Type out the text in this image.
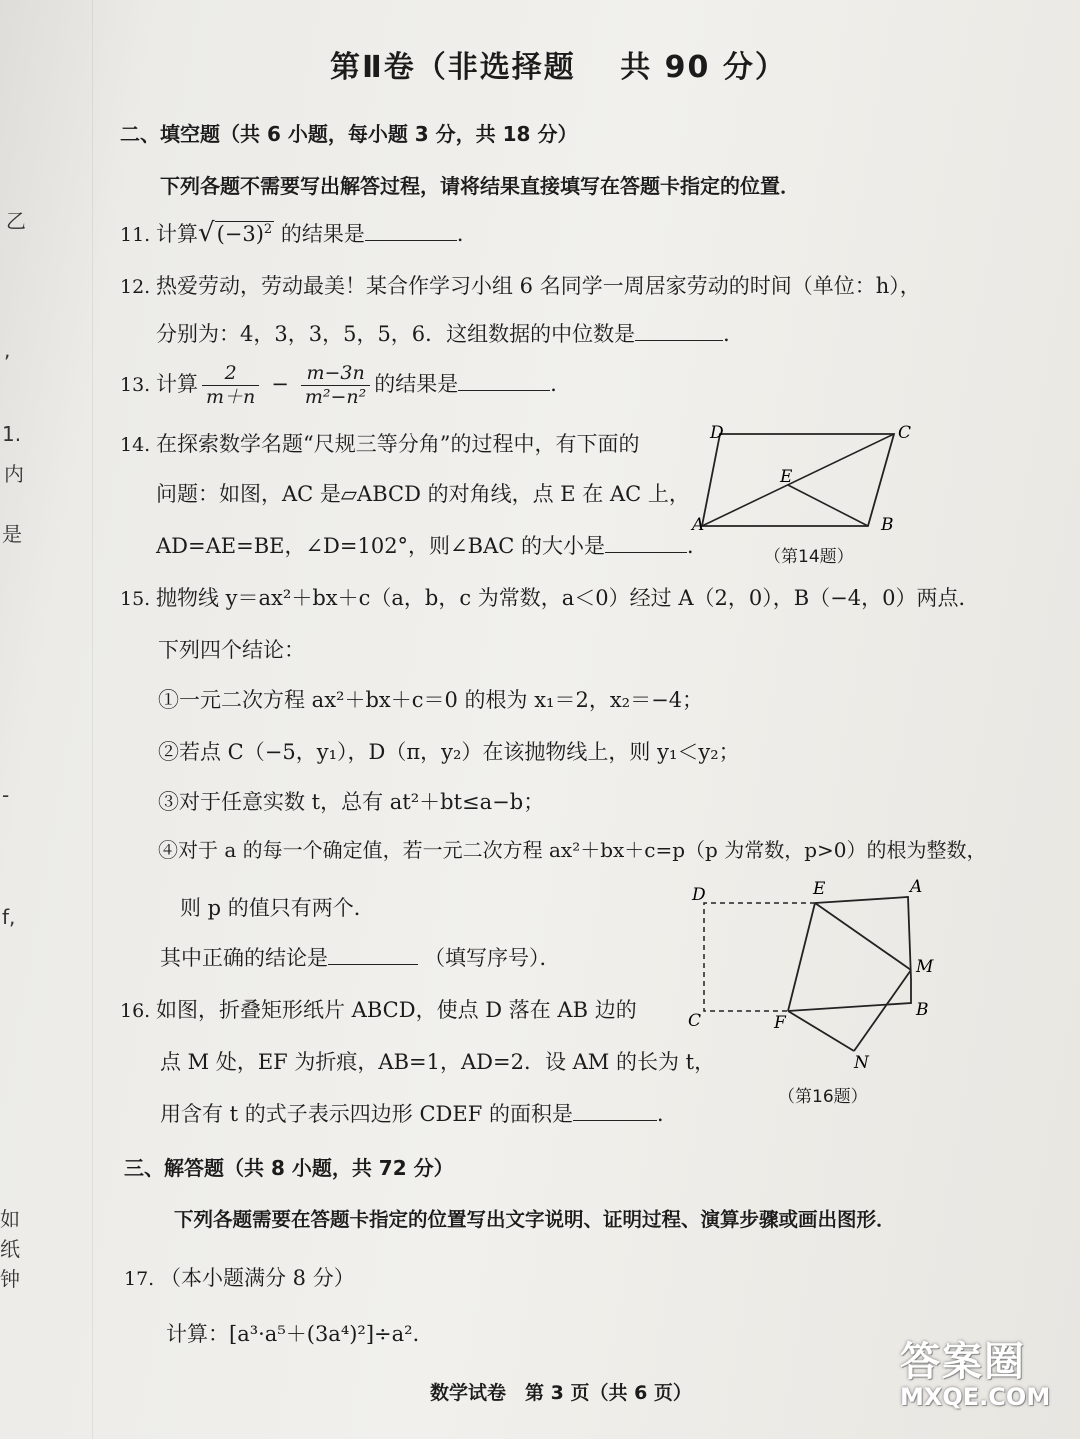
乙
,
1.
内
是
-
f,
如
纸
钟
第Ⅱ卷（非选择题　 共 90 分）
二、填空题（共 6 小题，每小题 3 分，共 18 分）
下列各题不需要写出解答过程，请将结果直接填写在答题卡指定的位置．
11. 计算$√(-3)^2$ 的结果是	．
12. 热爱劳动，劳动最美！某合作学习小组 6 名同学一周居家劳动的时间（单位：h），
分别为：4，3，3，5，5，6．这组数据的中位数是	．
13. 计算 $\frac{2}{m+n} - \frac{m-3n}{\text{m²−n²}}$ 的结果是	．
14. 在探索数学名题“尺规三等分角”的过程中，有下面的
问题：如图，AC 是▱ABCD 的对角线，点 E 在 AC 上，
AD=AE=BE，∠D=102°，则∠BAC 的大小是	．
D	C
E
A	B
（第14题）
15. 抛物线 y＝ax²＋bx＋c（a，b，c 为常数，a＜0）经过 A（2，0），B（−4，0）两点．
下列四个结论：
①一元二次方程 ax²＋bx＋c＝0 的根为 x₁＝2，x₂＝−4；
②若点 C（−5，y₁），D（π，y₂）在该抛物线上，则 y₁＜y₂；
③对于任意实数 t，总有 at²＋bt≤a−b；
④对于 a 的每一个确定值，若一元二次方程 ax²＋bx＋c=p（p 为常数，p>0）的根为整数，
则 p 的值只有两个．
其中正确的结论是	（填写序号）．
16. 如图，折叠矩形纸片 ABCD，使点 D 落在 AB 边的
点 M 处，EF 为折痕，AB=1，AD=2．设 AM 的长为 t，
用含有 t 的式子表示四边形 CDEF 的面积是	．
D	E	A
M
B
C	F
N
（第16题）
三、解答题（共 8 小题，共 72 分）
下列各题需要在答题卡指定的位置写出文字说明、证明过程、演算步骤或画出图形．
17. （本小题满分 8 分）
计算：[a³·a⁵＋(3a⁴)²]÷a²．
数学试卷　第 3 页（共 6 页）
答案圈
MXQE.COM
